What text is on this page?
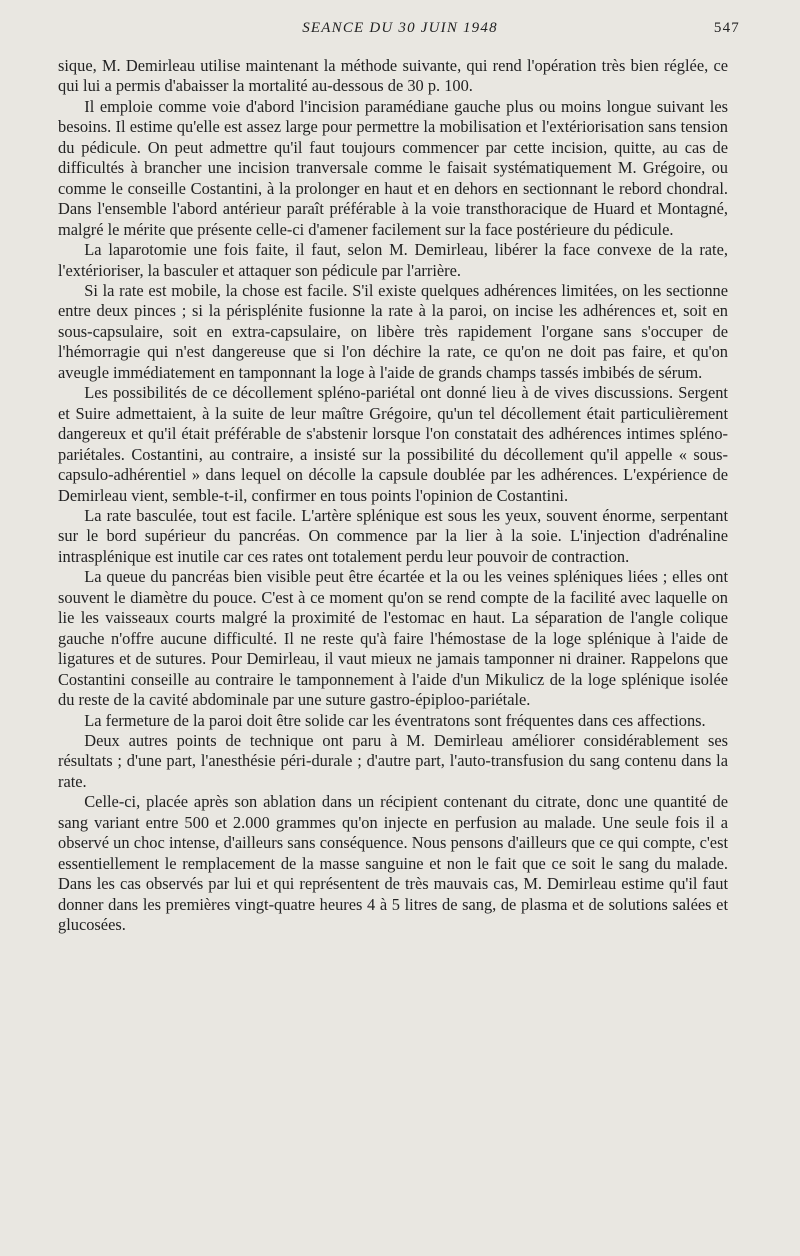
SEANCE DU 30 JUIN 1948	547

sique, M. Demirleau utilise maintenant la méthode suivante, qui rend l'opération très bien réglée, ce qui lui a permis d'abaisser la mortalité au-dessous de 30 p. 100.

Il emploie comme voie d'abord l'incision paramédiane gauche plus ou moins longue suivant les besoins. Il estime qu'elle est assez large pour permettre la mobilisation et l'extériorisation sans tension du pédicule. On peut admettre qu'il faut toujours commencer par cette incision, quitte, au cas de difficultés à brancher une incision tranversale comme le faisait systématiquement M. Grégoire, ou comme le conseille Costantini, à la prolonger en haut et en dehors en sectionnant le rebord chondral. Dans l'ensemble l'abord antérieur paraît préférable à la voie transthoracique de Huard et Montagné, malgré le mérite que présente celle-ci d'amener facilement sur la face postérieure du pédicule.

La laparotomie une fois faite, il faut, selon M. Demirleau, libérer la face convexe de la rate, l'extérioriser, la basculer et attaquer son pédicule par l'arrière.

Si la rate est mobile, la chose est facile. S'il existe quelques adhérences limitées, on les sectionne entre deux pinces ; si la périsplénite fusionne la rate à la paroi, on incise les adhérences et, soit en sous-capsulaire, soit en extra-capsulaire, on libère très rapidement l'organe sans s'occuper de l'hémorragie qui n'est dangereuse que si l'on déchire la rate, ce qu'on ne doit pas faire, et qu'on aveugle immédiatement en tamponnant la loge à l'aide de grands champs tassés imbibés de sérum.

Les possibilités de ce décollement spléno-pariétal ont donné lieu à de vives discussions. Sergent et Suire admettaient, à la suite de leur maître Grégoire, qu'un tel décollement était particulièrement dangereux et qu'il était préférable de s'abstenir lorsque l'on constatait des adhérences intimes spléno-pariétales. Costantini, au contraire, a insisté sur la possibilité du décollement qu'il appelle « sous-capsulo-adhérentiel » dans lequel on décolle la capsule doublée par les adhérences. L'expérience de Demirleau vient, semble-t-il, confirmer en tous points l'opinion de Costantini.

La rate basculée, tout est facile. L'artère splénique est sous les yeux, souvent énorme, serpentant sur le bord supérieur du pancréas. On commence par la lier à la soie. L'injection d'adrénaline intrasplénique est inutile car ces rates ont totalement perdu leur pouvoir de contraction.

La queue du pancréas bien visible peut être écartée et la ou les veines spléniques liées ; elles ont souvent le diamètre du pouce. C'est à ce moment qu'on se rend compte de la facilité avec laquelle on lie les vaisseaux courts malgré la proximité de l'estomac en haut. La séparation de l'angle colique gauche n'offre aucune difficulté. Il ne reste qu'à faire l'hémostase de la loge splénique à l'aide de ligatures et de sutures. Pour Demirleau, il vaut mieux ne jamais tamponner ni drainer. Rappelons que Costantini conseille au contraire le tamponnement à l'aide d'un Mikulicz de la loge splénique isolée du reste de la cavité abdominale par une suture gastro-épiploo-pariétale.

La fermeture de la paroi doit être solide car les éventratons sont fréquentes dans ces affections.

Deux autres points de technique ont paru à M. Demirleau améliorer considérablement ses résultats ; d'une part, l'anesthésie péri-durale ; d'autre part, l'auto-transfusion du sang contenu dans la rate.

Celle-ci, placée après son ablation dans un récipient contenant du citrate, donc une quantité de sang variant entre 500 et 2.000 grammes qu'on injecte en perfusion au malade. Une seule fois il a observé un choc intense, d'ailleurs sans conséquence. Nous pensons d'ailleurs que ce qui compte, c'est essentiellement le remplacement de la masse sanguine et non le fait que ce soit le sang du malade. Dans les cas observés par lui et qui représentent de très mauvais cas, M. Demirleau estime qu'il faut donner dans les premières vingt-quatre heures 4 à 5 litres de sang, de plasma et de solutions salées et glucosées.
